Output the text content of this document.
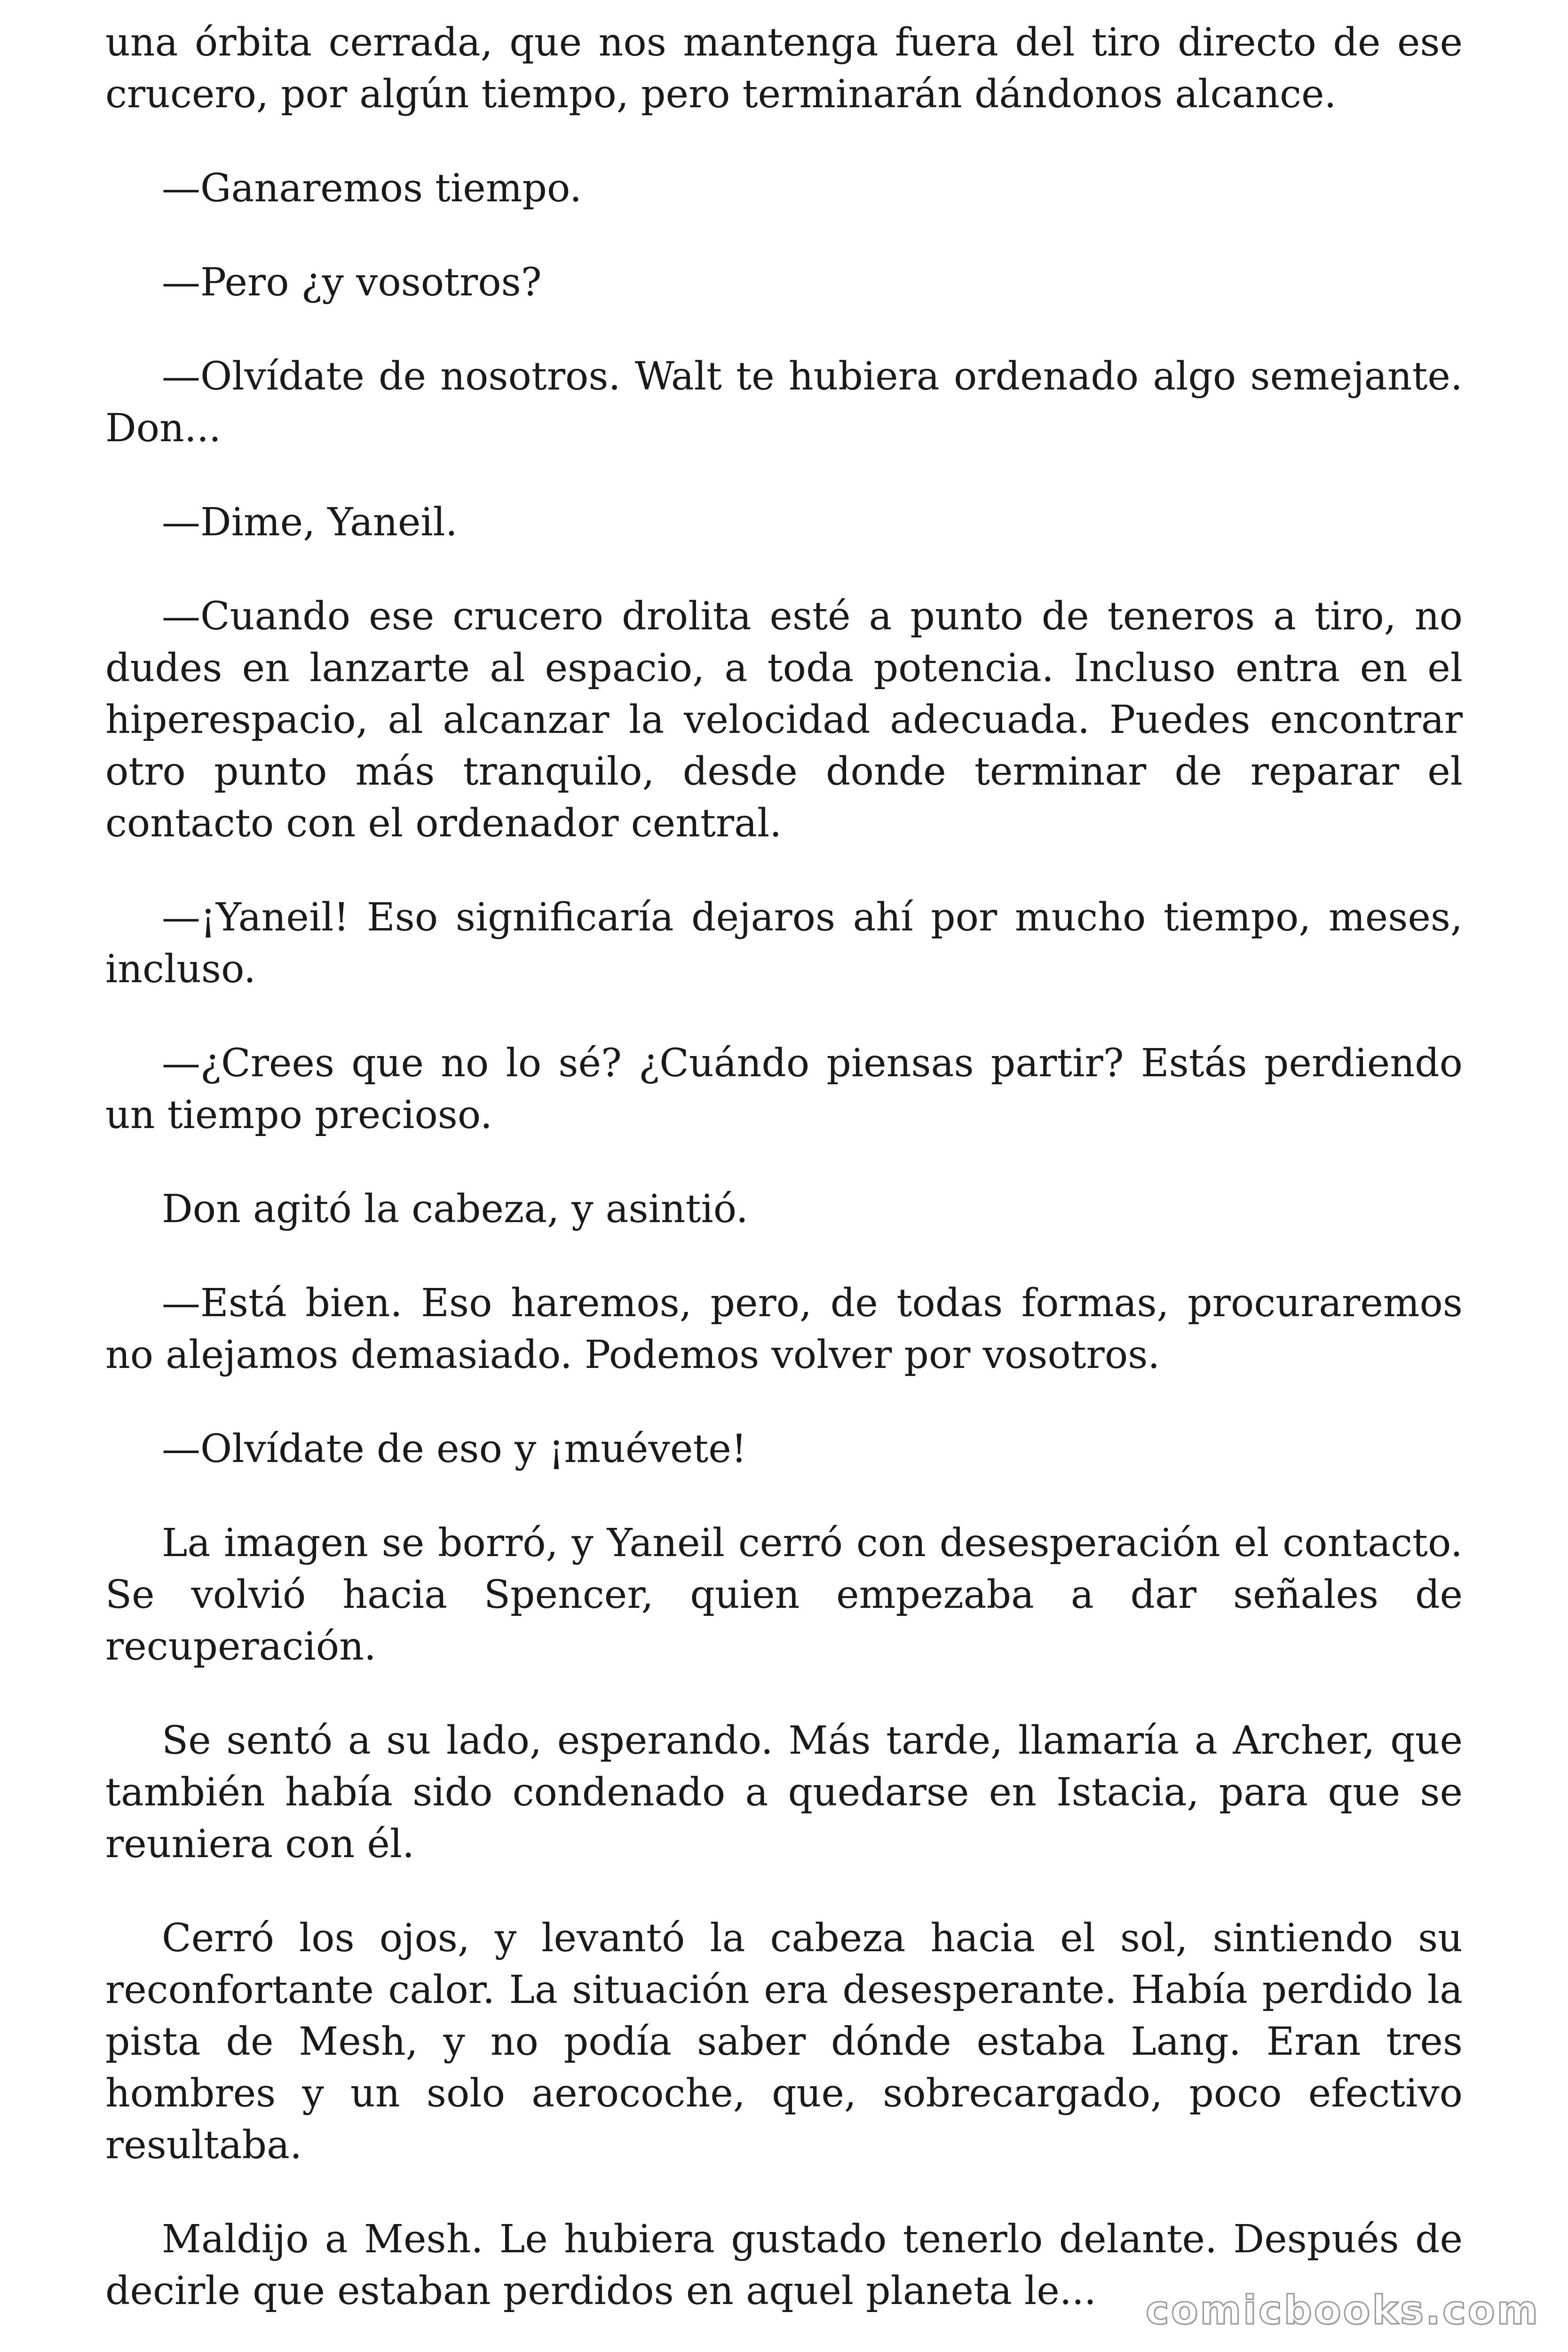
una órbita cerrada, que nos mantenga fuera del tiro directo de ese crucero, por algún tiempo, pero terminarán dándonos alcance.

—Ganaremos tiempo.

—Pero ¿y vosotros?

—Olvídate de nosotros. Walt te hubiera ordenado algo semejante. Don...

—Dime, Yaneil.

—Cuando ese crucero drolita esté a punto de teneros a tiro, no dudes en lanzarte al espacio, a toda potencia. Incluso entra en el hiperespacio, al alcanzar la velocidad adecuada. Puedes encontrar otro punto más tranquilo, desde donde terminar de reparar el contacto con el ordenador central.

—¡Yaneil! Eso significaría dejaros ahí por mucho tiempo, meses, incluso.

—¿Crees que no lo sé? ¿Cuándo piensas partir? Estás perdiendo un tiempo precioso.

Don agitó la cabeza, y asintió.

—Está bien. Eso haremos, pero, de todas formas, procuraremos no alejamos demasiado. Podemos volver por vosotros.

—Olvídate de eso y ¡muévete!

La imagen se borró, y Yaneil cerró con desesperación el contacto. Se volvió hacia Spencer, quien empezaba a dar señales de recuperación.

Se sentó a su lado, esperando. Más tarde, llamaría a Archer, que también había sido condenado a quedarse en Istacia, para que se reuniera con él.

Cerró los ojos, y levantó la cabeza hacia el sol, sintiendo su reconfortante calor. La situación era desesperante. Había perdido la pista de Mesh, y no podía saber dónde estaba Lang. Eran tres hombres y un solo aerocoche, que, sobrecargado, poco efectivo resultaba.

Maldijo a Mesh. Le hubiera gustado tenerlo delante. Después de decirle que estaban perdidos en aquel planeta le...	comicbooks.com
